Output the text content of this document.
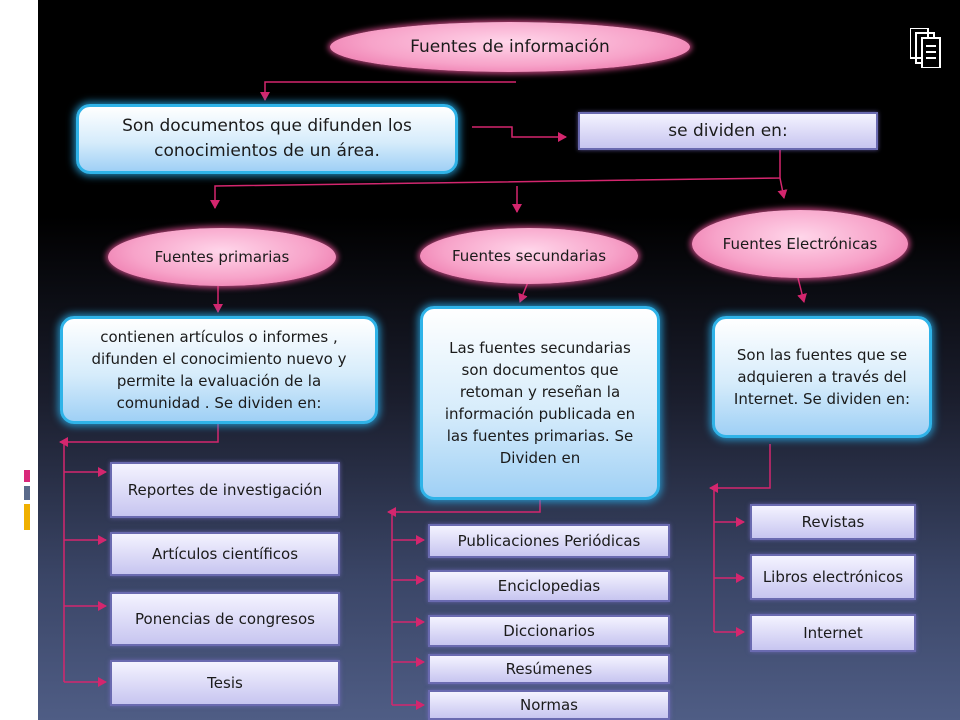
Fuentes de información
Son documentos que difunden los conocimientos de un área.
se dividen en:
Fuentes primarias	Fuentes secundarias
Fuentes Electrónicas
contienen artículos o informes , difunden el conocimiento nuevo y permite la evaluación de la comunidad . Se dividen en:
Las fuentes secundarias son documentos que retoman y reseñan la información publicada en las fuentes primarias. Se Dividen en
Son las fuentes que se adquieren a través del Internet. Se dividen en:
Reportes de investigación
Artículos científicos
Ponencias de congresos
Tesis
Publicaciones Periódicas
Enciclopedias
Diccionarios
Resúmenes
Normas
Revistas
Libros electrónicos
Internet
